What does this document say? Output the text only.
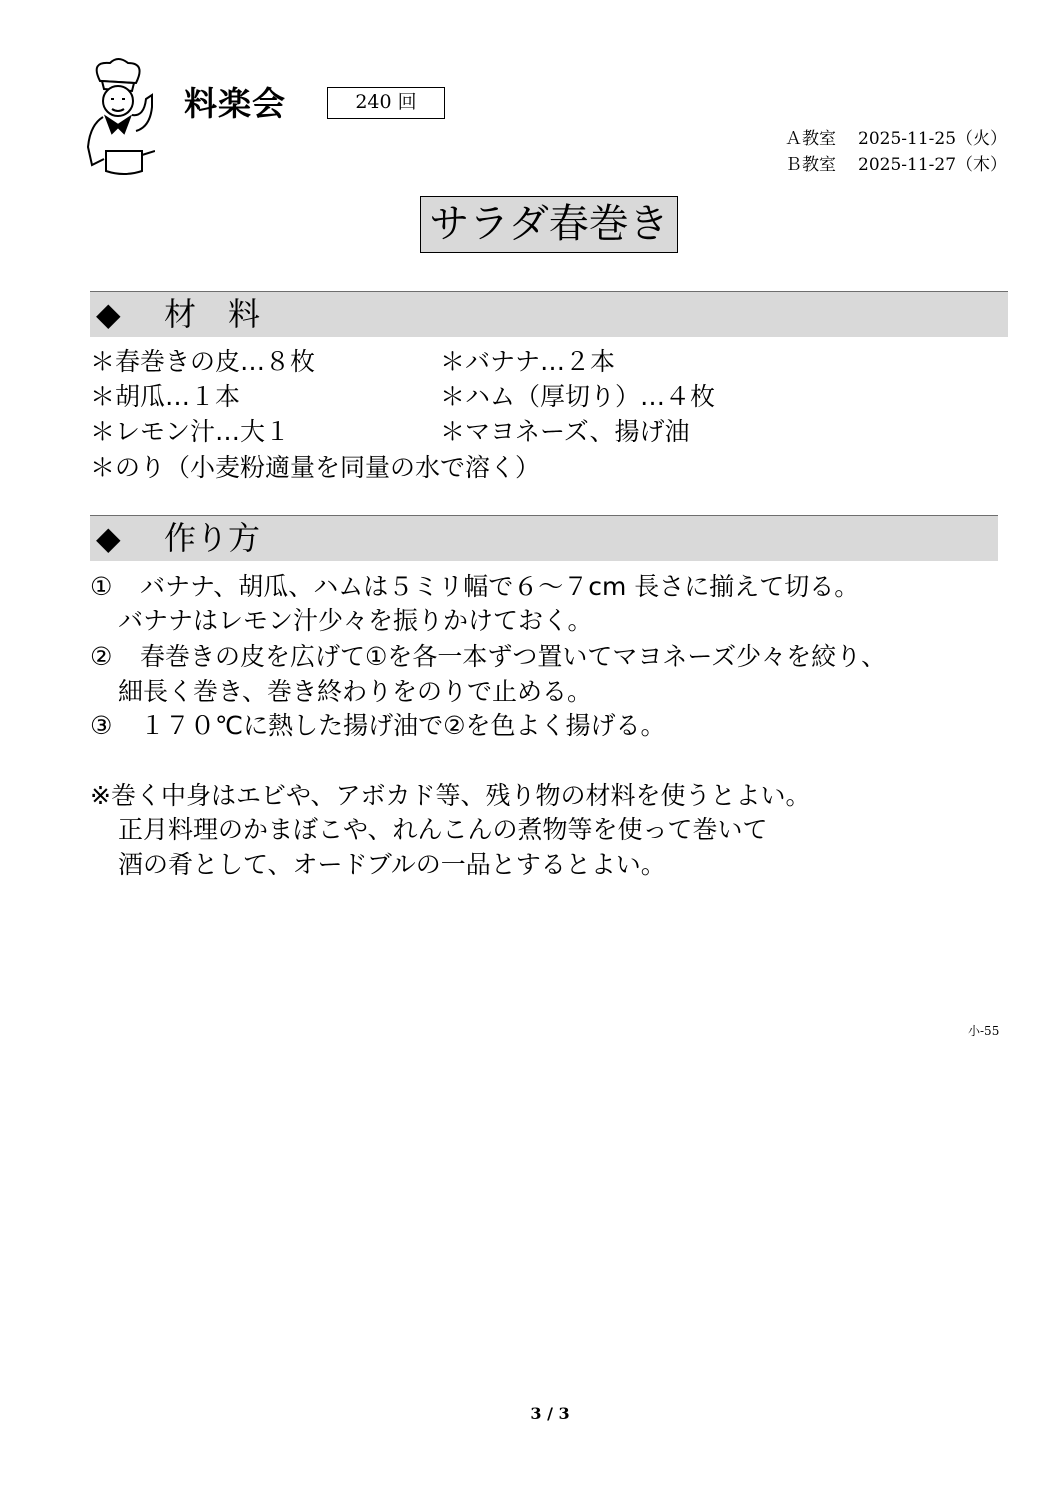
料楽会	240 回
Ａ教室 2025-11-25（火）
Ｂ教室 2025-11-27（木）
サラダ春巻き
◆ 材　料
＊春巻きの皮…８枚	＊バナナ…２本
＊胡瓜…１本	＊ハム（厚切り）…４枚
＊レモン汁…大１	＊マヨネーズ、揚げ油
＊のり（小麦粉適量を同量の水で溶く）
◆ 作り方
① バナナ、胡瓜、ハムは５ミリ幅で６～７cm 長さに揃えて切る。
バナナはレモン汁少々を振りかけておく。
② 春巻きの皮を広げて①を各一本ずつ置いてマヨネーズ少々を絞り、
細長く巻き、巻き終わりをのりで止める。
③ １７０℃に熱した揚げ油で②を色よく揚げる。
※巻く中身はエビや、アボカド等、残り物の材料を使うとよい。
正月料理のかまぼこや、れんこんの煮物等を使って巻いて
酒の肴として、オードブルの一品とするとよい。
小-55
3 / 3
